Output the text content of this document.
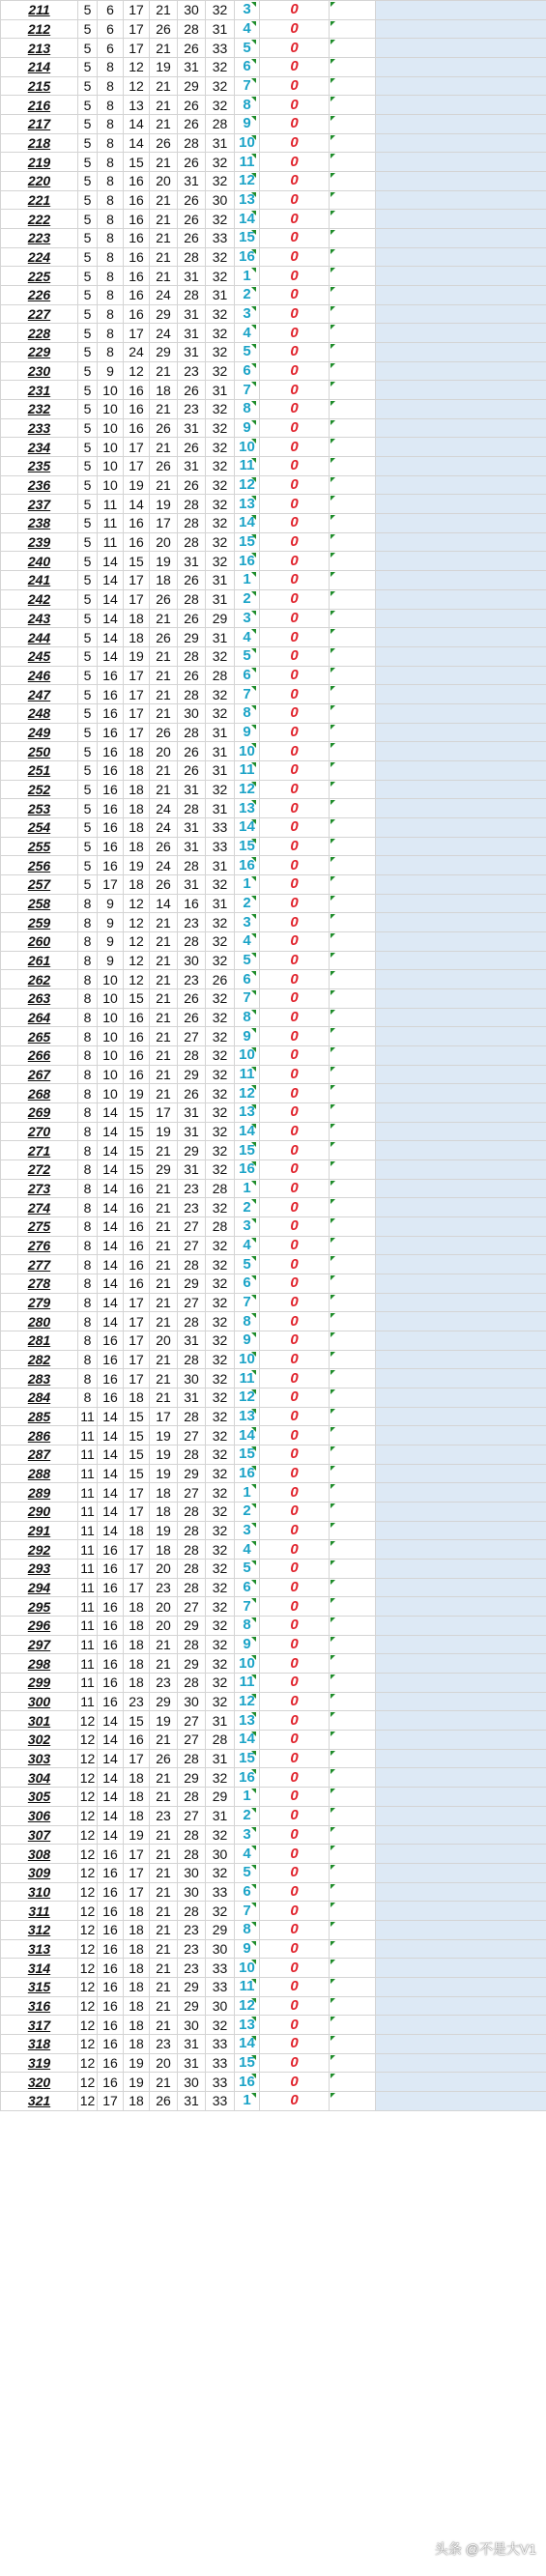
211	5	6	17	21	30	32	3	0	

212	5	6	17	26	28	31	4	0	

213	5	6	17	21	26	33	5	0	

214	5	8	12	19	31	32	6	0	

215	5	8	12	21	29	32	7	0	

216	5	8	13	21	26	32	8	0	

217	5	8	14	21	26	28	9	0	

218	5	8	14	26	28	31	10	0	

219	5	8	15	21	26	32	11	0	

220	5	8	16	20	31	32	12	0	

221	5	8	16	21	26	30	13	0	

222	5	8	16	21	26	32	14	0	

223	5	8	16	21	26	33	15	0	

224	5	8	16	21	28	32	16	0	

225	5	8	16	21	31	32	1	0	

226	5	8	16	24	28	31	2	0	

227	5	8	16	29	31	32	3	0	

228	5	8	17	24	31	32	4	0	

229	5	8	24	29	31	32	5	0	

230	5	9	12	21	23	32	6	0	

231	5	10	16	18	26	31	7	0	

232	5	10	16	21	23	32	8	0	

233	5	10	16	26	31	32	9	0	

234	5	10	17	21	26	32	10	0	

235	5	10	17	26	31	32	11	0	

236	5	10	19	21	26	32	12	0	

237	5	11	14	19	28	32	13	0	

238	5	11	16	17	28	32	14	0	

239	5	11	16	20	28	32	15	0	

240	5	14	15	19	31	32	16	0	

241	5	14	17	18	26	31	1	0	

242	5	14	17	26	28	31	2	0	

243	5	14	18	21	26	29	3	0	

244	5	14	18	26	29	31	4	0	

245	5	14	19	21	28	32	5	0	

246	5	16	17	21	26	28	6	0	

247	5	16	17	21	28	32	7	0	

248	5	16	17	21	30	32	8	0	

249	5	16	17	26	28	31	9	0	

250	5	16	18	20	26	31	10	0	

251	5	16	18	21	26	31	11	0	

252	5	16	18	21	31	32	12	0	

253	5	16	18	24	28	31	13	0	

254	5	16	18	24	31	33	14	0	

255	5	16	18	26	31	33	15	0	

256	5	16	19	24	28	31	16	0	

257	5	17	18	26	31	32	1	0	

258	8	9	12	14	16	31	2	0	

259	8	9	12	21	23	32	3	0	

260	8	9	12	21	28	32	4	0	

261	8	9	12	21	30	32	5	0	

262	8	10	12	21	23	26	6	0	

263	8	10	15	21	26	32	7	0	

264	8	10	16	21	26	32	8	0	

265	8	10	16	21	27	32	9	0	

266	8	10	16	21	28	32	10	0	

267	8	10	16	21	29	32	11	0	

268	8	10	19	21	26	32	12	0	

269	8	14	15	17	31	32	13	0	

270	8	14	15	19	31	32	14	0	

271	8	14	15	21	29	32	15	0	

272	8	14	15	29	31	32	16	0	

273	8	14	16	21	23	28	1	0	

274	8	14	16	21	23	32	2	0	

275	8	14	16	21	27	28	3	0	

276	8	14	16	21	27	32	4	0	

277	8	14	16	21	28	32	5	0	

278	8	14	16	21	29	32	6	0	

279	8	14	17	21	27	32	7	0	

280	8	14	17	21	28	32	8	0	

281	8	16	17	20	31	32	9	0	

282	8	16	17	21	28	32	10	0	

283	8	16	17	21	30	32	11	0	

284	8	16	18	21	31	32	12	0	

285	11	14	15	17	28	32	13	0	

286	11	14	15	19	27	32	14	0	

287	11	14	15	19	28	32	15	0	

288	11	14	15	19	29	32	16	0	

289	11	14	17	18	27	32	1	0	

290	11	14	17	18	28	32	2	0	

291	11	14	18	19	28	32	3	0	

292	11	16	17	18	28	32	4	0	

293	11	16	17	20	28	32	5	0	

294	11	16	17	23	28	32	6	0	

295	11	16	18	20	27	32	7	0	

296	11	16	18	20	29	32	8	0	

297	11	16	18	21	28	32	9	0	

298	11	16	18	21	29	32	10	0	

299	11	16	18	23	28	32	11	0	

300	11	16	23	29	30	32	12	0	

301	12	14	15	19	27	31	13	0	

302	12	14	16	21	27	28	14	0	

303	12	14	17	26	28	31	15	0	

304	12	14	18	21	29	32	16	0	

305	12	14	18	21	28	29	1	0	

306	12	14	18	23	27	31	2	0	

307	12	14	19	21	28	32	3	0	

308	12	16	17	21	28	30	4	0	

309	12	16	17	21	30	32	5	0	

310	12	16	17	21	30	33	6	0	

311	12	16	18	21	28	32	7	0	

312	12	16	18	21	23	29	8	0	

313	12	16	18	21	23	30	9	0	

314	12	16	18	21	23	33	10	0	

315	12	16	18	21	29	33	11	0	

316	12	16	18	21	29	30	12	0	

317	12	16	18	21	30	32	13	0	

318	12	16	18	23	31	33	14	0	

319	12	16	19	20	31	33	15	0	

320	12	16	19	21	30	33	16	0	

321	12	17	18	26	31	33	1	0	

头条 @不是大V1
